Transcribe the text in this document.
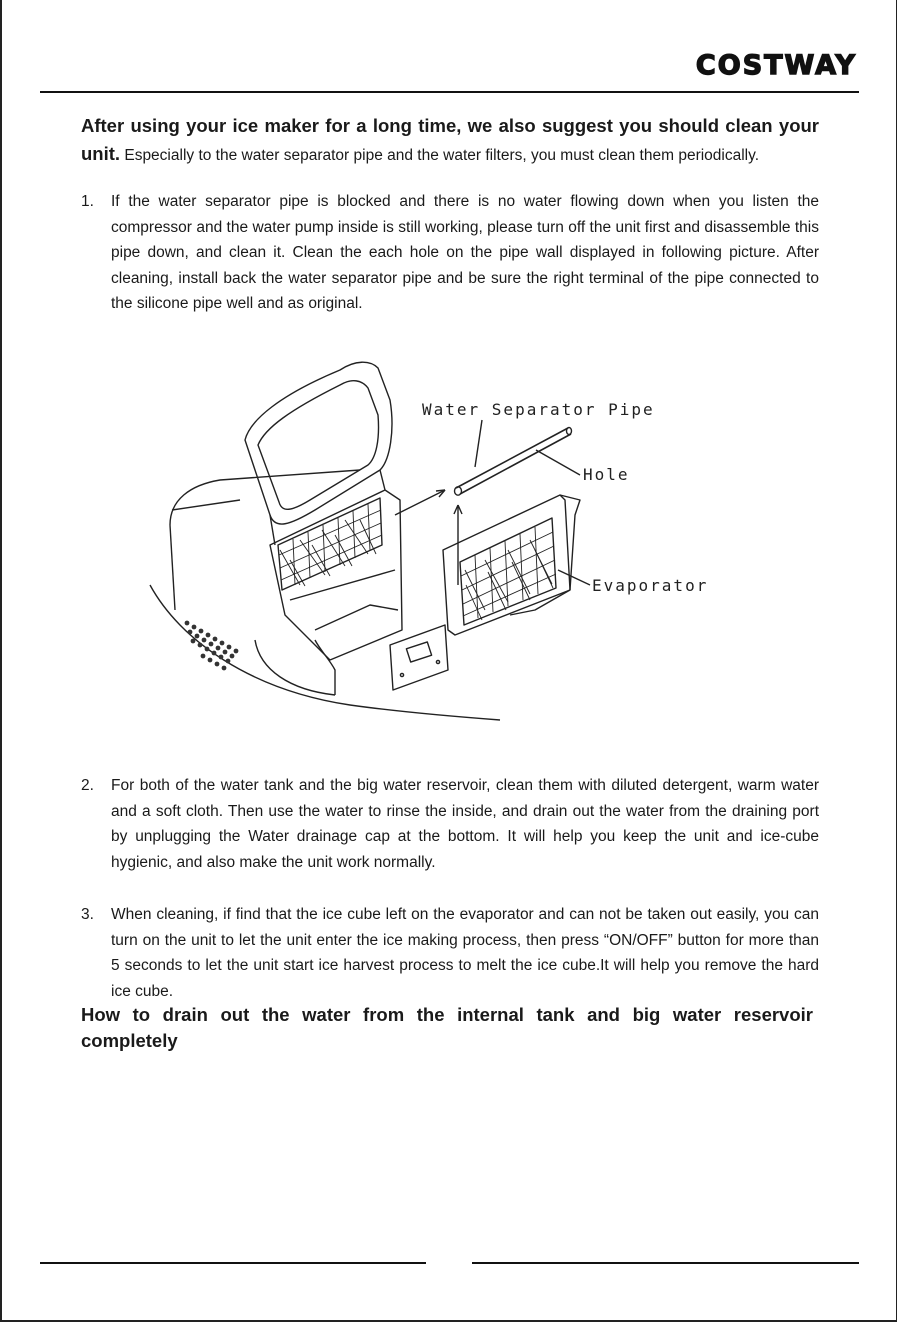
COSTWAY
After using your ice maker for a long time, we also suggest you should clean your unit. Especially to the water separator pipe and the water filters, you must clean them periodically.
1. If the water separator pipe is blocked and there is no water flowing down when you listen the compressor and the water pump inside is still working, please turn off the unit first and disassemble this pipe down, and clean it. Clean the each hole on the pipe wall displayed in following picture. After cleaning, install back the water separator pipe and be sure the right terminal of the pipe connected to the silicone pipe well and as original.
Water Separator Pipe
Hole
Evaporator
2. For both of the water tank and the big water reservoir, clean them with diluted detergent, warm water and a soft cloth. Then use the water to rinse the inside, and drain out the water from the draining port by unplugging the Water drainage cap at the bottom. It will help you keep the unit and ice-cube hygienic, and also make the unit work normally.
3. When cleaning, if find that the ice cube left on the evaporator and can not be taken out easily, you can turn on the unit to let the unit enter the ice making process, then press “ON/OFF” button for more than 5 seconds to let the unit start ice harvest process to melt the ice cube.It will help you remove the hard ice cube.
How to drain out the water from the internal tank and big water reservoir
completely
